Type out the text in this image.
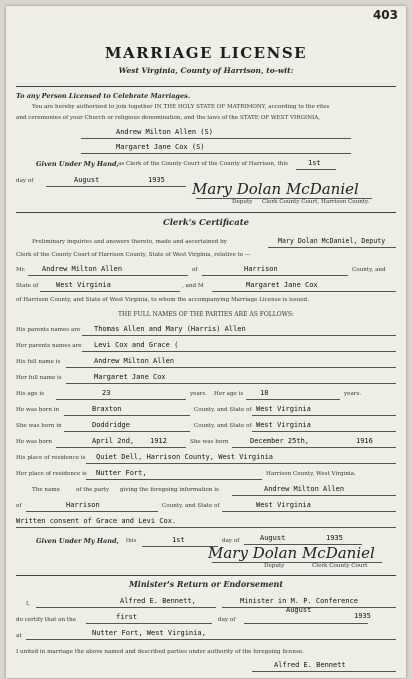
403
MARRIAGE LICENSE
West Virginia, County of Harrison, to-wit:
To any Person Licensed to Celebrate Marriages.
You are hereby authorized to join together IN THE HOLY STATE OF MATRIMONY, according to the rites
and ceremonies of your Church or religious denomination, and the laws of the STATE OF WEST VIRGINIA,
Andrew Milton Allen (S)
Margaret Jane Cox (S)
Given Under My Hand, as Clerk of the County Court of the County of Harrison, this	1st
day of	August	1935 Mary Dolan McDaniel
Deputy Clerk County Court, Harrison County.
Clerk's Certificate
Preliminary inquiries and answers thereto, made and ascertained by	Mary Dolan McDaniel, Deputy
Clerk of the County Court of Harrison County, State of West Virginia, relative to —
Mr. Andrew Milton Allen	of	Harrison	County, and
State of	West Virginia	, and M	Margaret Jane Cox
of Harrison County, and State of West Virginia, to whom the accompanying Marriage License is issued.
THE FULL NAMES OF THE PARTIES ARE AS FOLLOWS:
His parents names are Thomas Allen and Mary (Harris) Allen
Her parents names are Levi Cox and Grace (
His full name is	Andrew Milton Allen
Her full name is	Margaret Jane Cox
His age is	23	years. Her age is 18	years.
He was born in	Braxton	County, and State of West Virginia
She was born in	Doddridge	County, and State of West Virginia
He was born	April 2nd, 1912	She was born	December 25th,	1916
His place of residence is Quiet Dell, Harrison County, West Virginia
Her place of residence is Nutter Fort,	Harrison County, West Virginia.
The name	of the party giving the foregoing information is	Andrew Milton Allen
of	Harrison	County, and State of	West Virginia
Written consent of Grace and Levi Cox.
Given Under My Hand, this	1st	day of	August	1935
Mary Dolan McDaniel
Deputy	Clerk County Court
Minister's Return or Endorsement
I,	Alfred E. Bennett,	Minister in M. P. Conference
do certify that on the	first	day of
August
1935
at	Nutter Fort, West Virginia,
I united in marriage the above named and described parties under authority of the foregoing license.
Alfred E. Bennett
